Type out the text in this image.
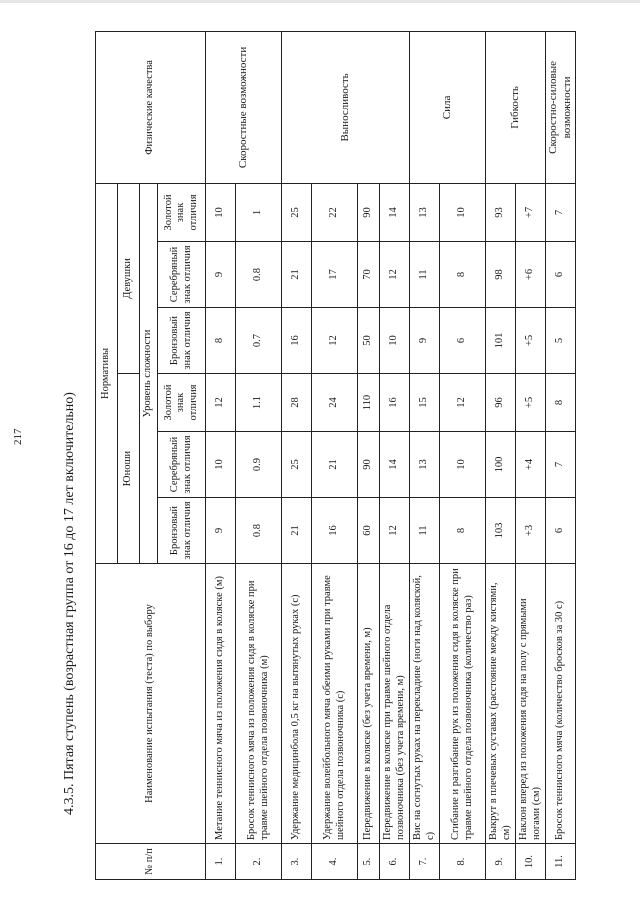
217	4.3.5. Пятая ступень (возрастная группа от 16 до 17 лет включительно)
№ п/п	Наименование испытания (теста) по выбору	Нормативы						Физические качества
		Юноши			Девушки			
		Уровень сложности						
		Бронзовый знак отличия	Серебряный знак отличия	Золотой знак отличия	Бронзовый знак отличия	Серебряный знак отличия	Золотой знак отличия	
1.	Метание теннисного мяча из положения сидя в коляске (м)	9	10	12	8	9	10	Скоростные возможности
2.	Бросок теннисного мяча из положения сидя в коляске при травме шейного отдела позвоночника (м)	0.8	0.9	1.1	0.7	0.8	1	
3.	Удержание медицинбола 0,5 кг на вытянутых руках (с)	21	25	28	16	21	25	Выносливость
4.	Удержание волейбольного мяча обеими руками при травме шейного отдела позвоночника (с)	16	21	24	12	17	22	
5.	Передвижение в коляске (без учета времени, м)	60	90	110	50	70	90	
6.	Передвижение в коляске при травме шейного отдела позвоночника (без учета времени, м)	12	14	16	10	12	14	
7.	Вис на согнутых руках на перекладине (ноги над коляской, с)	11	13	15	9	11	13	Сила
8.	Сгибание и разгибание рук из положения сидя в коляске при травме шейного отдела позвоночника (количество раз)	8	10	12	6	8	10	
9.	Выкрут в плечевых суставах (расстояние между кистями, см)	103	100	96	101	98	93	Гибкость
10.	Наклон вперед из положения сидя на полу с прямыми ногами (см)	+3	+4	+5	+5	+6	+7	
11.	Бросок теннисного мяча (количество бросков за 30 с)	6	7	8	5	6	7	Скоростно-силовые возможности
